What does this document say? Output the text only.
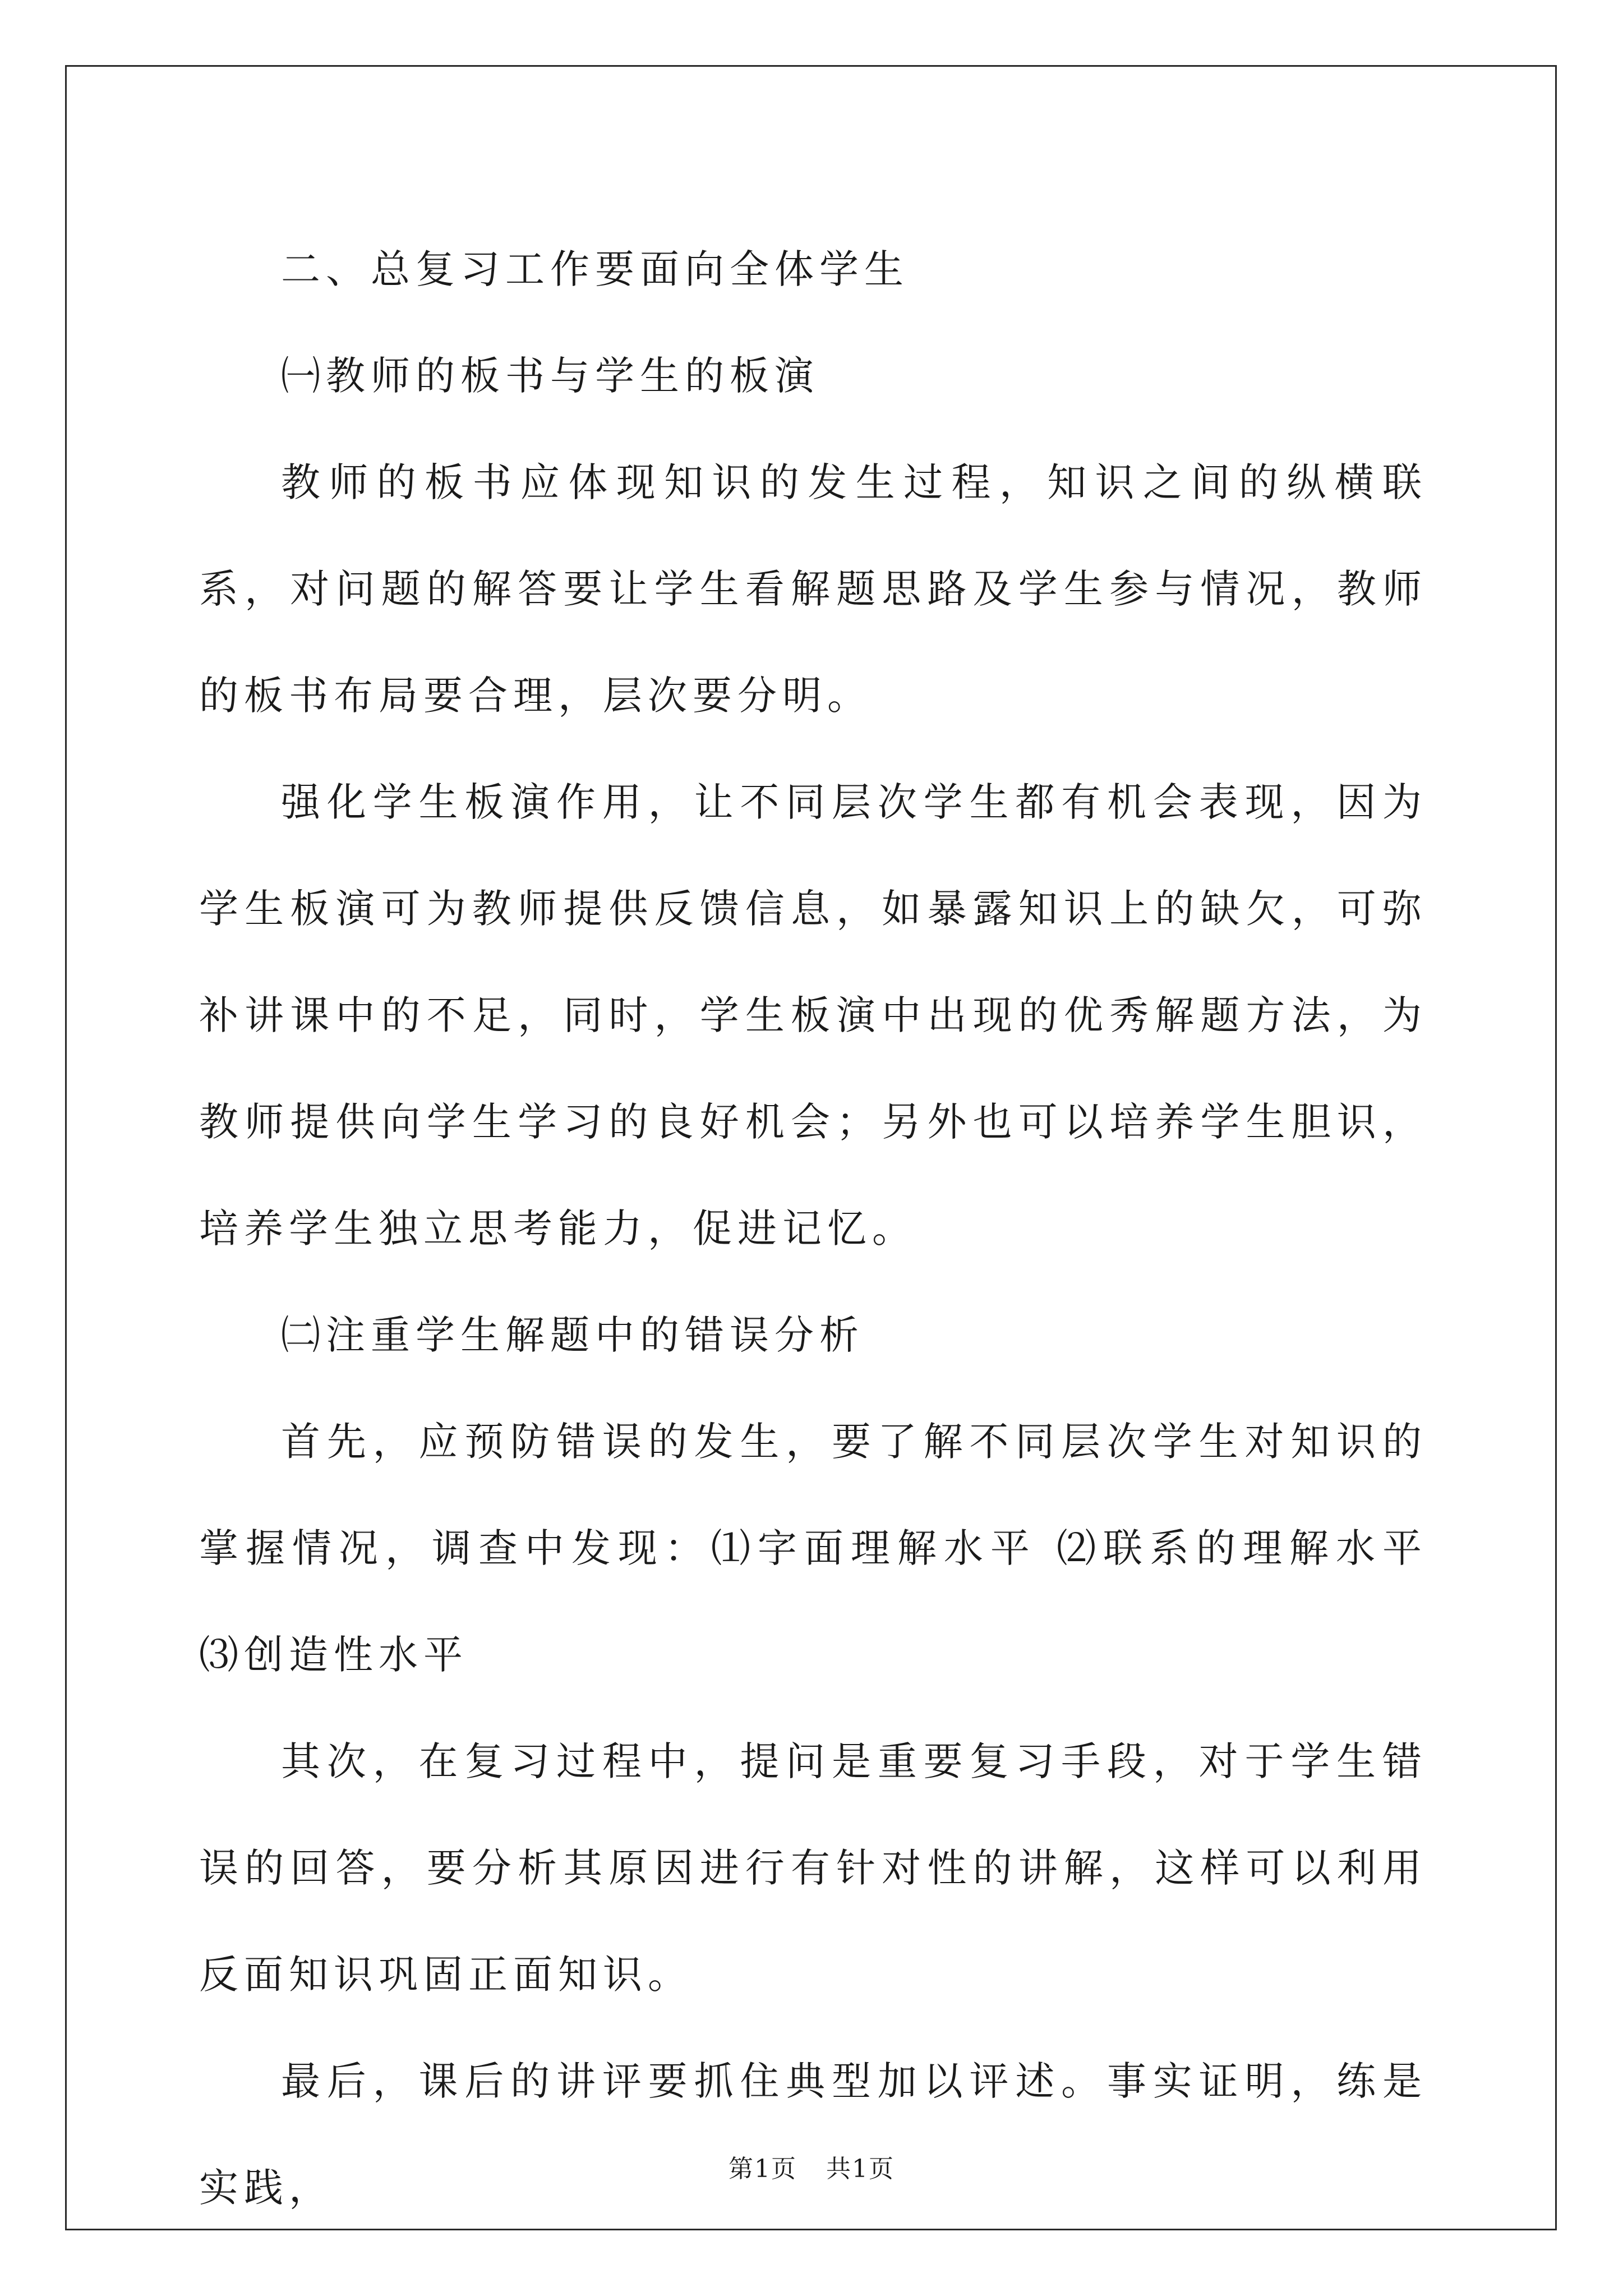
二、总复习工作要面向全体学生

㈠教师的板书与学生的板演

教师的板书应体现知识的发生过程，知识之间的纵横联系，对问题的解答要让学生看解题思路及学生参与情况，教师的板书布局要合理，层次要分明。

强化学生板演作用，让不同层次学生都有机会表现，因为学生板演可为教师提供反馈信息，如暴露知识上的缺欠，可弥补讲课中的不足，同时，学生板演中出现的优秀解题方法，为教师提供向学生学习的良好机会；另外也可以培养学生胆识，培养学生独立思考能力，促进记忆。

㈡注重学生解题中的错误分析

首先，应预防错误的发生，要了解不同层次学生对知识的掌握情况，调查中发现：⑴字面理解水平 ⑵联系的理解水平⑶创造性水平

其次，在复习过程中，提问是重要复习手段，对于学生错误的回答，要分析其原因进行有针对性的讲解，这样可以利用反面知识巩固正面知识。

最后，课后的讲评要抓住典型加以评述。事实证明，练是实践，	第1页 共1页
